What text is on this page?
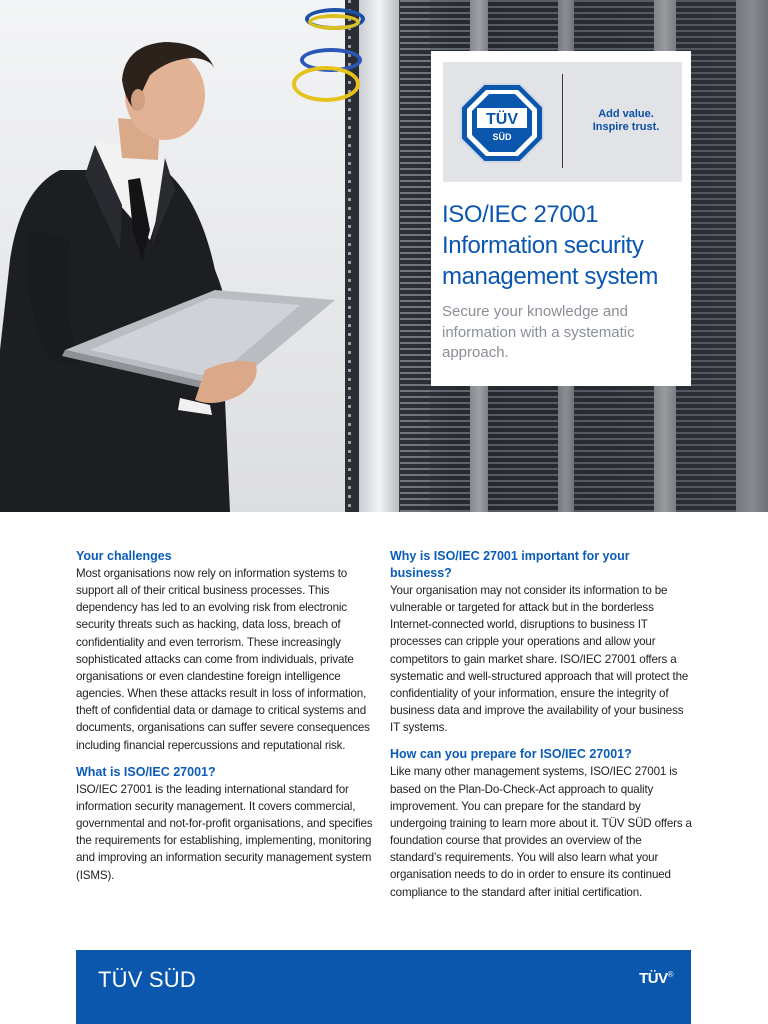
TÜV
SÜD
Add value.
Inspire trust.
ISO/IEC 27001
Information security
management system
Secure your knowledge and information with a systematic approach.
Your challenges

Most organisations now rely on information systems to support all of their critical business processes. This dependency has led to an evolving risk from electronic security threats such as hacking, data loss, breach of confidentiality and even terrorism. These increasingly sophisticated attacks can come from individuals, private organisations or even clandestine foreign intelligence agencies. When these attacks result in loss of information, theft of confidential data or damage to critical systems and documents, organisations can suffer severe consequences including financial repercussions and reputational risk.

What is ISO/IEC 27001?

ISO/IEC 27001 is the leading international standard for information security management. It covers commercial, governmental and not-for-profit organisations, and specifies the requirements for establishing, implementing, monitoring and improving an information security management system (ISMS).

Why is ISO/IEC 27001 important for your business?

Your organisation may not consider its information to be vulnerable or targeted for attack but in the borderless Internet-connected world, disruptions to business IT processes can cripple your operations and allow your competitors to gain market share. ISO/IEC 27001 offers a systematic and well-structured approach that will protect the confidentiality of your information, ensure the integrity of business data and improve the availability of your business IT systems.

How can you prepare for ISO/IEC 27001?

Like many other management systems, ISO/IEC 27001 is based on the Plan-Do-Check-Act approach to quality improvement. You can prepare for the standard by undergoing training to learn more about it. TÜV SÜD offers a foundation course that provides an overview of the standard’s requirements. You will also learn what your organisation needs to do in order to ensure its continued compliance to the standard after initial certification.

TÜV SÜD	TÜV®
